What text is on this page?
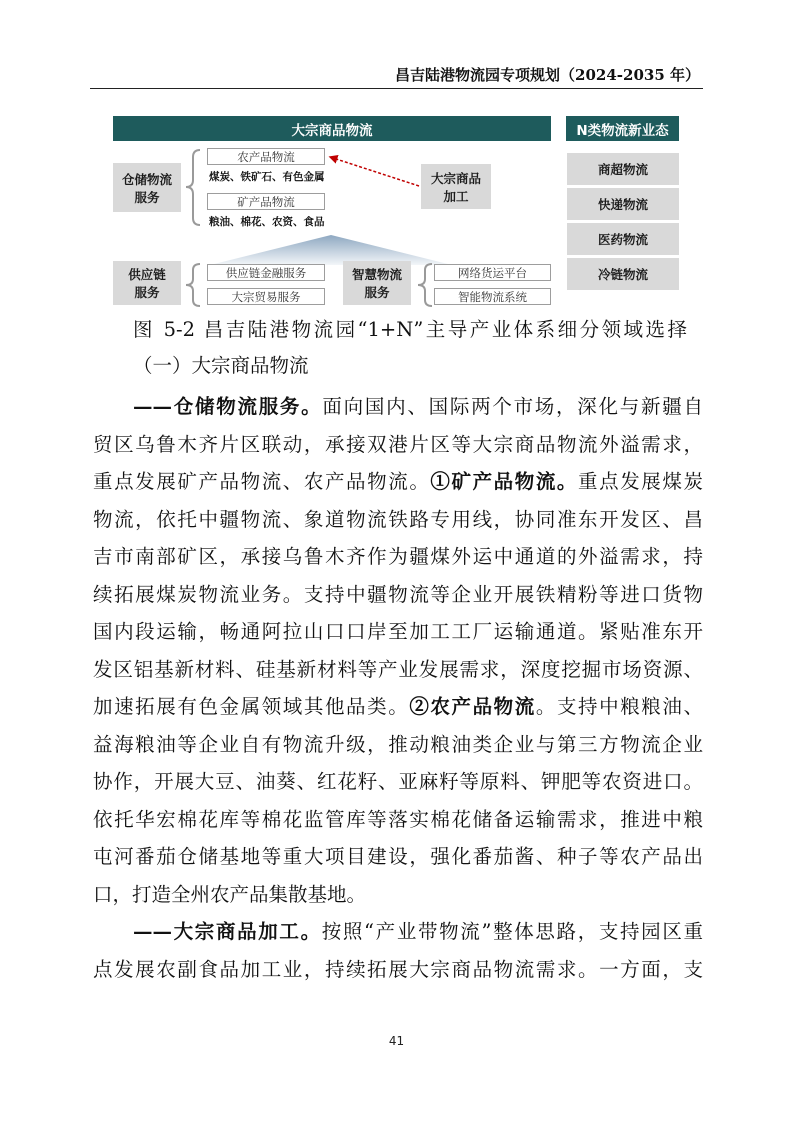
昌吉陆港物流园专项规划（2024-2035 年）
大宗商品物流	N类物流新业态
商超物流
快递物流
医药物流
冷链物流
仓储物流
服务
农产品物流
煤炭、铁矿石、有色金属
矿产品物流
粮油、棉花、农资、食品
大宗商品
加工
供应链
服务
供应链金融服务
大宗贸易服务
智慧物流
服务
网络货运平台
智能物流系统
图 5-2 昌吉陆港物流园“1+N”主导产业体系细分领域选择
（一）大宗商品物流
——仓储物流服务。面向国内、国际两个市场，深化与新疆自
贸区乌鲁木齐片区联动，承接双港片区等大宗商品物流外溢需求，
重点发展矿产品物流、农产品物流。①矿产品物流。重点发展煤炭
物流，依托中疆物流、象道物流铁路专用线，协同准东开发区、昌
吉市南部矿区，承接乌鲁木齐作为疆煤外运中通道的外溢需求，持
续拓展煤炭物流业务。支持中疆物流等企业开展铁精粉等进口货物
国内段运输，畅通阿拉山口口岸至加工工厂运输通道。紧贴准东开
发区铝基新材料、硅基新材料等产业发展需求，深度挖掘市场资源、
加速拓展有色金属领域其他品类。②农产品物流。支持中粮粮油、
益海粮油等企业自有物流升级，推动粮油类企业与第三方物流企业
协作，开展大豆、油葵、红花籽、亚麻籽等原料、钾肥等农资进口。
依托华宏棉花库等棉花监管库等落实棉花储备运输需求，推进中粮
屯河番茄仓储基地等重大项目建设，强化番茄酱、种子等农产品出
口，打造全州农产品集散基地。
——大宗商品加工。按照“产业带物流”整体思路，支持园区重
点发展农副食品加工业，持续拓展大宗商品物流需求。一方面，支
41
